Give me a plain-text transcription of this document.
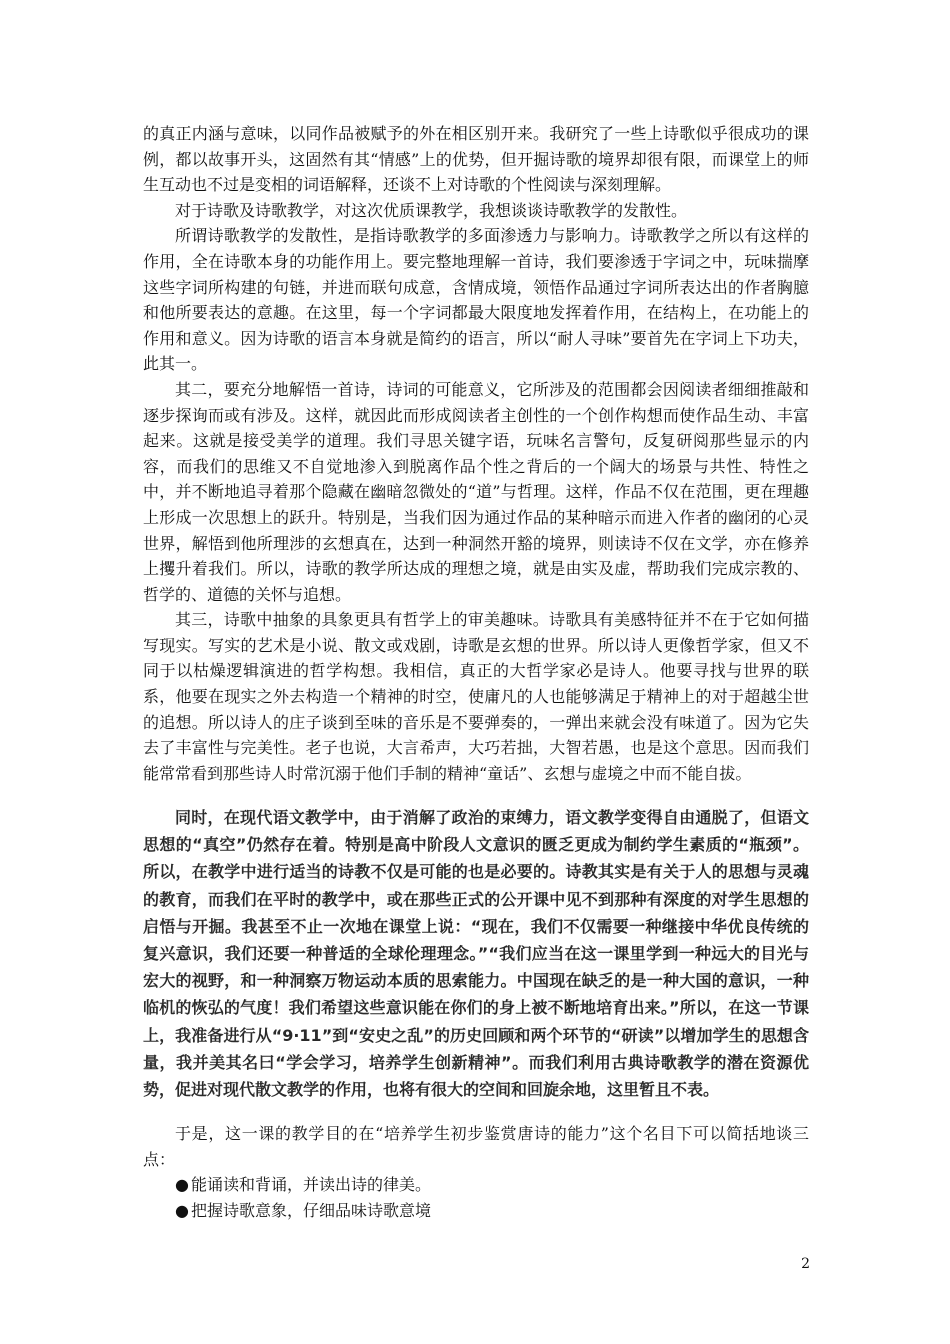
的真正内涵与意味，以同作品被赋予的外在相区别开来。我研究了一些上诗歌似乎很成功的课例，都以故事开头，这固然有其“情感”上的优势，但开掘诗歌的境界却很有限，而课堂上的师生互动也不过是变相的词语解释，还谈不上对诗歌的个性阅读与深刻理解。

对于诗歌及诗歌教学，对这次优质课教学，我想谈谈诗歌教学的发散性。

所谓诗歌教学的发散性，是指诗歌教学的多面渗透力与影响力。诗歌教学之所以有这样的作用，全在诗歌本身的功能作用上。要完整地理解一首诗，我们要渗透于字词之中，玩味揣摩这些字词所构建的句链，并进而联句成意，含情成境，领悟作品通过字词所表达出的作者胸臆和他所要表达的意趣。在这里，每一个字词都最大限度地发挥着作用，在结构上，在功能上的作用和意义。因为诗歌的语言本身就是简约的语言，所以“耐人寻味”要首先在字词上下功夫，此其一。

其二，要充分地解悟一首诗，诗词的可能意义，它所涉及的范围都会因阅读者细细推敲和逐步探询而或有涉及。这样，就因此而形成阅读者主创性的一个创作构想而使作品生动、丰富起来。这就是接受美学的道理。我们寻思关键字语，玩味名言警句，反复研阅那些显示的内容，而我们的思维又不自觉地渗入到脱离作品个性之背后的一个阔大的场景与共性、特性之中，并不断地追寻着那个隐藏在幽暗忽微处的“道”与哲理。这样，作品不仅在范围，更在理趣上形成一次思想上的跃升。特别是，当我们因为通过作品的某种暗示而进入作者的幽闭的心灵世界，解悟到他所理涉的玄想真在，达到一种洞然开豁的境界，则读诗不仅在文学，亦在修养上攫升着我们。所以，诗歌的教学所达成的理想之境，就是由实及虚，帮助我们完成宗教的、哲学的、道德的关怀与追想。

其三，诗歌中抽象的具象更具有哲学上的审美趣味。诗歌具有美感特征并不在于它如何描写现实。写实的艺术是小说、散文或戏剧，诗歌是玄想的世界。所以诗人更像哲学家，但又不同于以枯燥逻辑演进的哲学构想。我相信，真正的大哲学家必是诗人。他要寻找与世界的联系，他要在现实之外去构造一个精神的时空，使庸凡的人也能够满足于精神上的对于超越尘世的追想。所以诗人的庄子谈到至味的音乐是不要弹奏的，一弹出来就会没有味道了。因为它失去了丰富性与完美性。老子也说，大言希声，大巧若拙，大智若愚，也是这个意思。因而我们能常常看到那些诗人时常沉溺于他们手制的精神“童话”、玄想与虚境之中而不能自拔。

同时，在现代语文教学中，由于消解了政治的束缚力，语文教学变得自由通脱了，但语文思想的“真空”仍然存在着。特别是高中阶段人文意识的匮乏更成为制约学生素质的“瓶颈”。所以，在教学中进行适当的诗教不仅是可能的也是必要的。诗教其实是有关于人的思想与灵魂的教育，而我们在平时的教学中，或在那些正式的公开课中见不到那种有深度的对学生思想的启悟与开掘。我甚至不止一次地在课堂上说：“现在，我们不仅需要一种继接中华优良传统的复兴意识，我们还要一种普适的全球伦理理念。”“我们应当在这一课里学到一种远大的目光与宏大的视野，和一种洞察万物运动本质的思索能力。中国现在缺乏的是一种大国的意识，一种临机的恢弘的气度！我们希望这些意识能在你们的身上被不断地培育出来。”所以，在这一节课上，我准备进行从“9·11”到“安史之乱”的历史回顾和两个环节的“研读”以增加学生的思想含量，我并美其名曰“学会学习，培养学生创新精神”。而我们利用古典诗歌教学的潜在资源优势，促进对现代散文教学的作用，也将有很大的空间和回旋余地，这里暂且不表。

于是，这一课的教学目的在“培养学生初步鉴赏唐诗的能力”这个名目下可以简括地谈三点：

● 能诵读和背诵，并读出诗的律美。
● 把握诗歌意象，仔细品味诗歌意境
2
